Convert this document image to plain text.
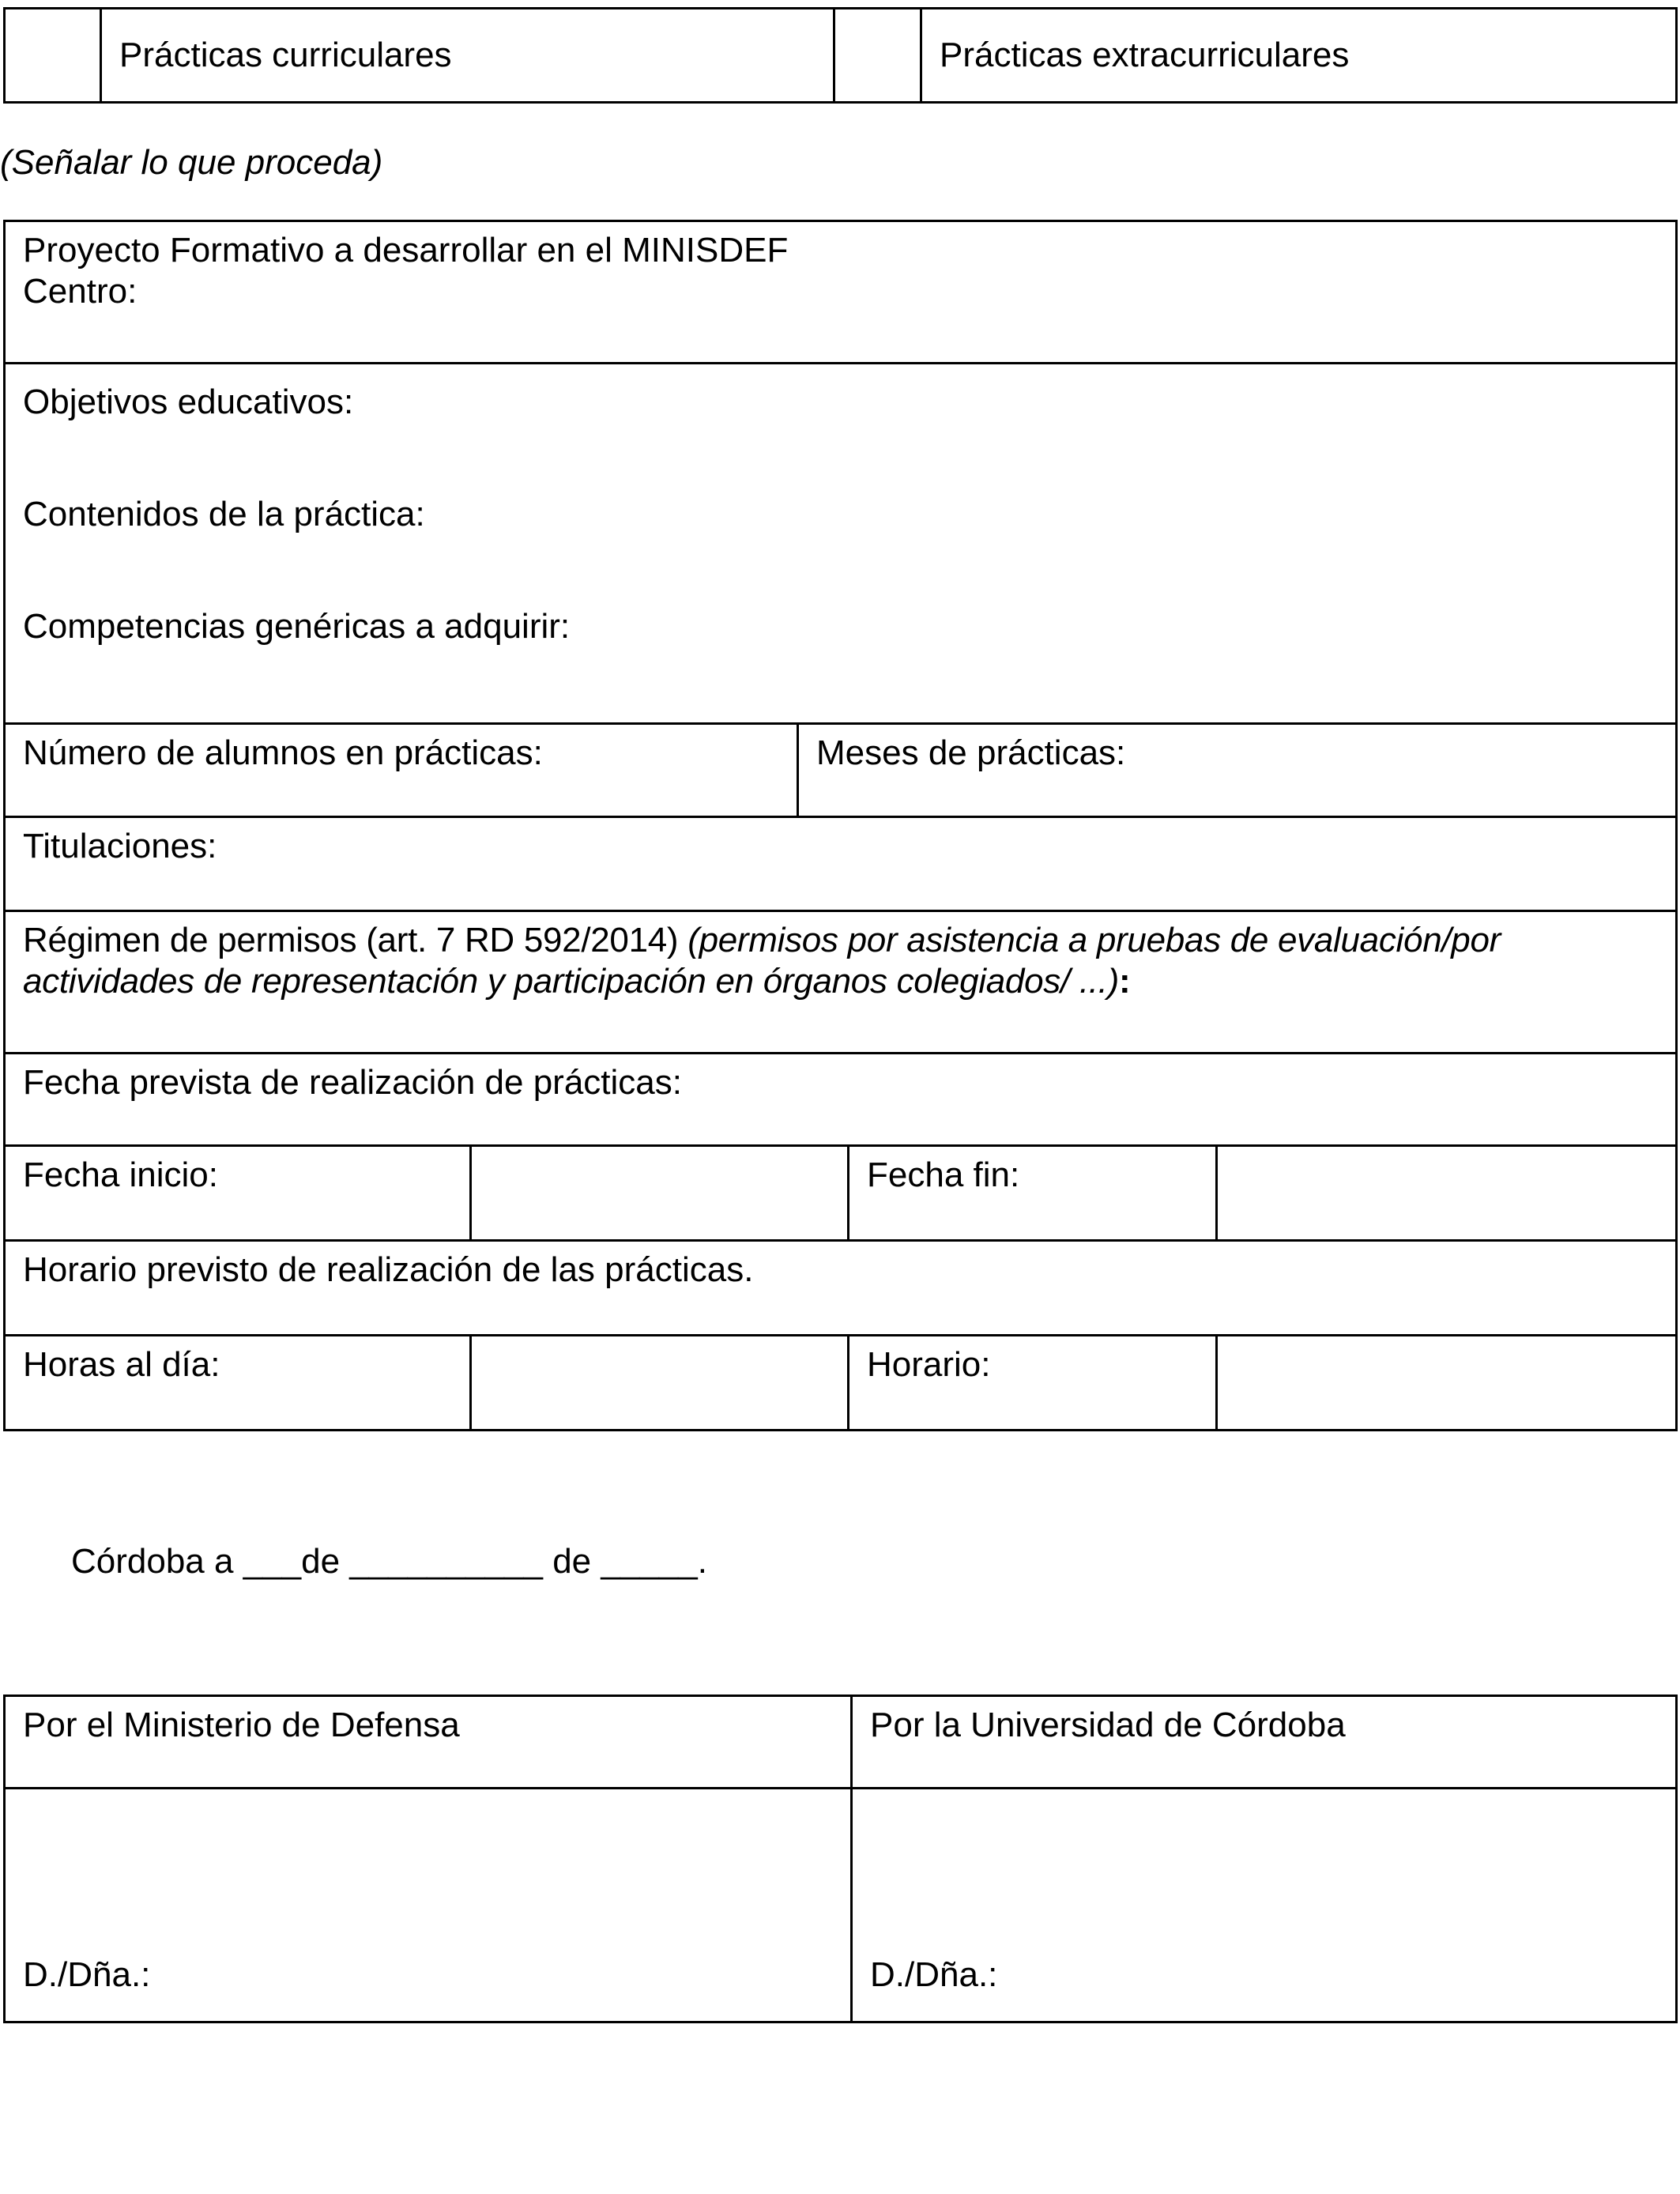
	Prácticas curriculares		Prácticas extracurriculares
(Señalar lo que proceda)
Proyecto Formativo a desarrollar en el MINISDEF
Centro:				

Objetivos educativos:
Contenidos de la práctica:
Competencias genéricas a adquirir:				

Número de alumnos en prácticas:		Meses de prácticas:		
Titulaciones:				
Régimen de permisos (art. 7 RD 592/2014) (permisos por asistencia a pruebas de evaluación/por actividades de representación y participación en órganos colegiados/ ...):				
Fecha prevista de realización de prácticas:				
Fecha inicio:			Fecha fin:	
Horario previsto de realización de las prácticas.				
Horas al día:			Horario:	
Córdoba a ___de __________ de _____.
Por el Ministerio de Defensa	Por la Universidad de Córdoba
D./Dña.:	D./Dña.:
